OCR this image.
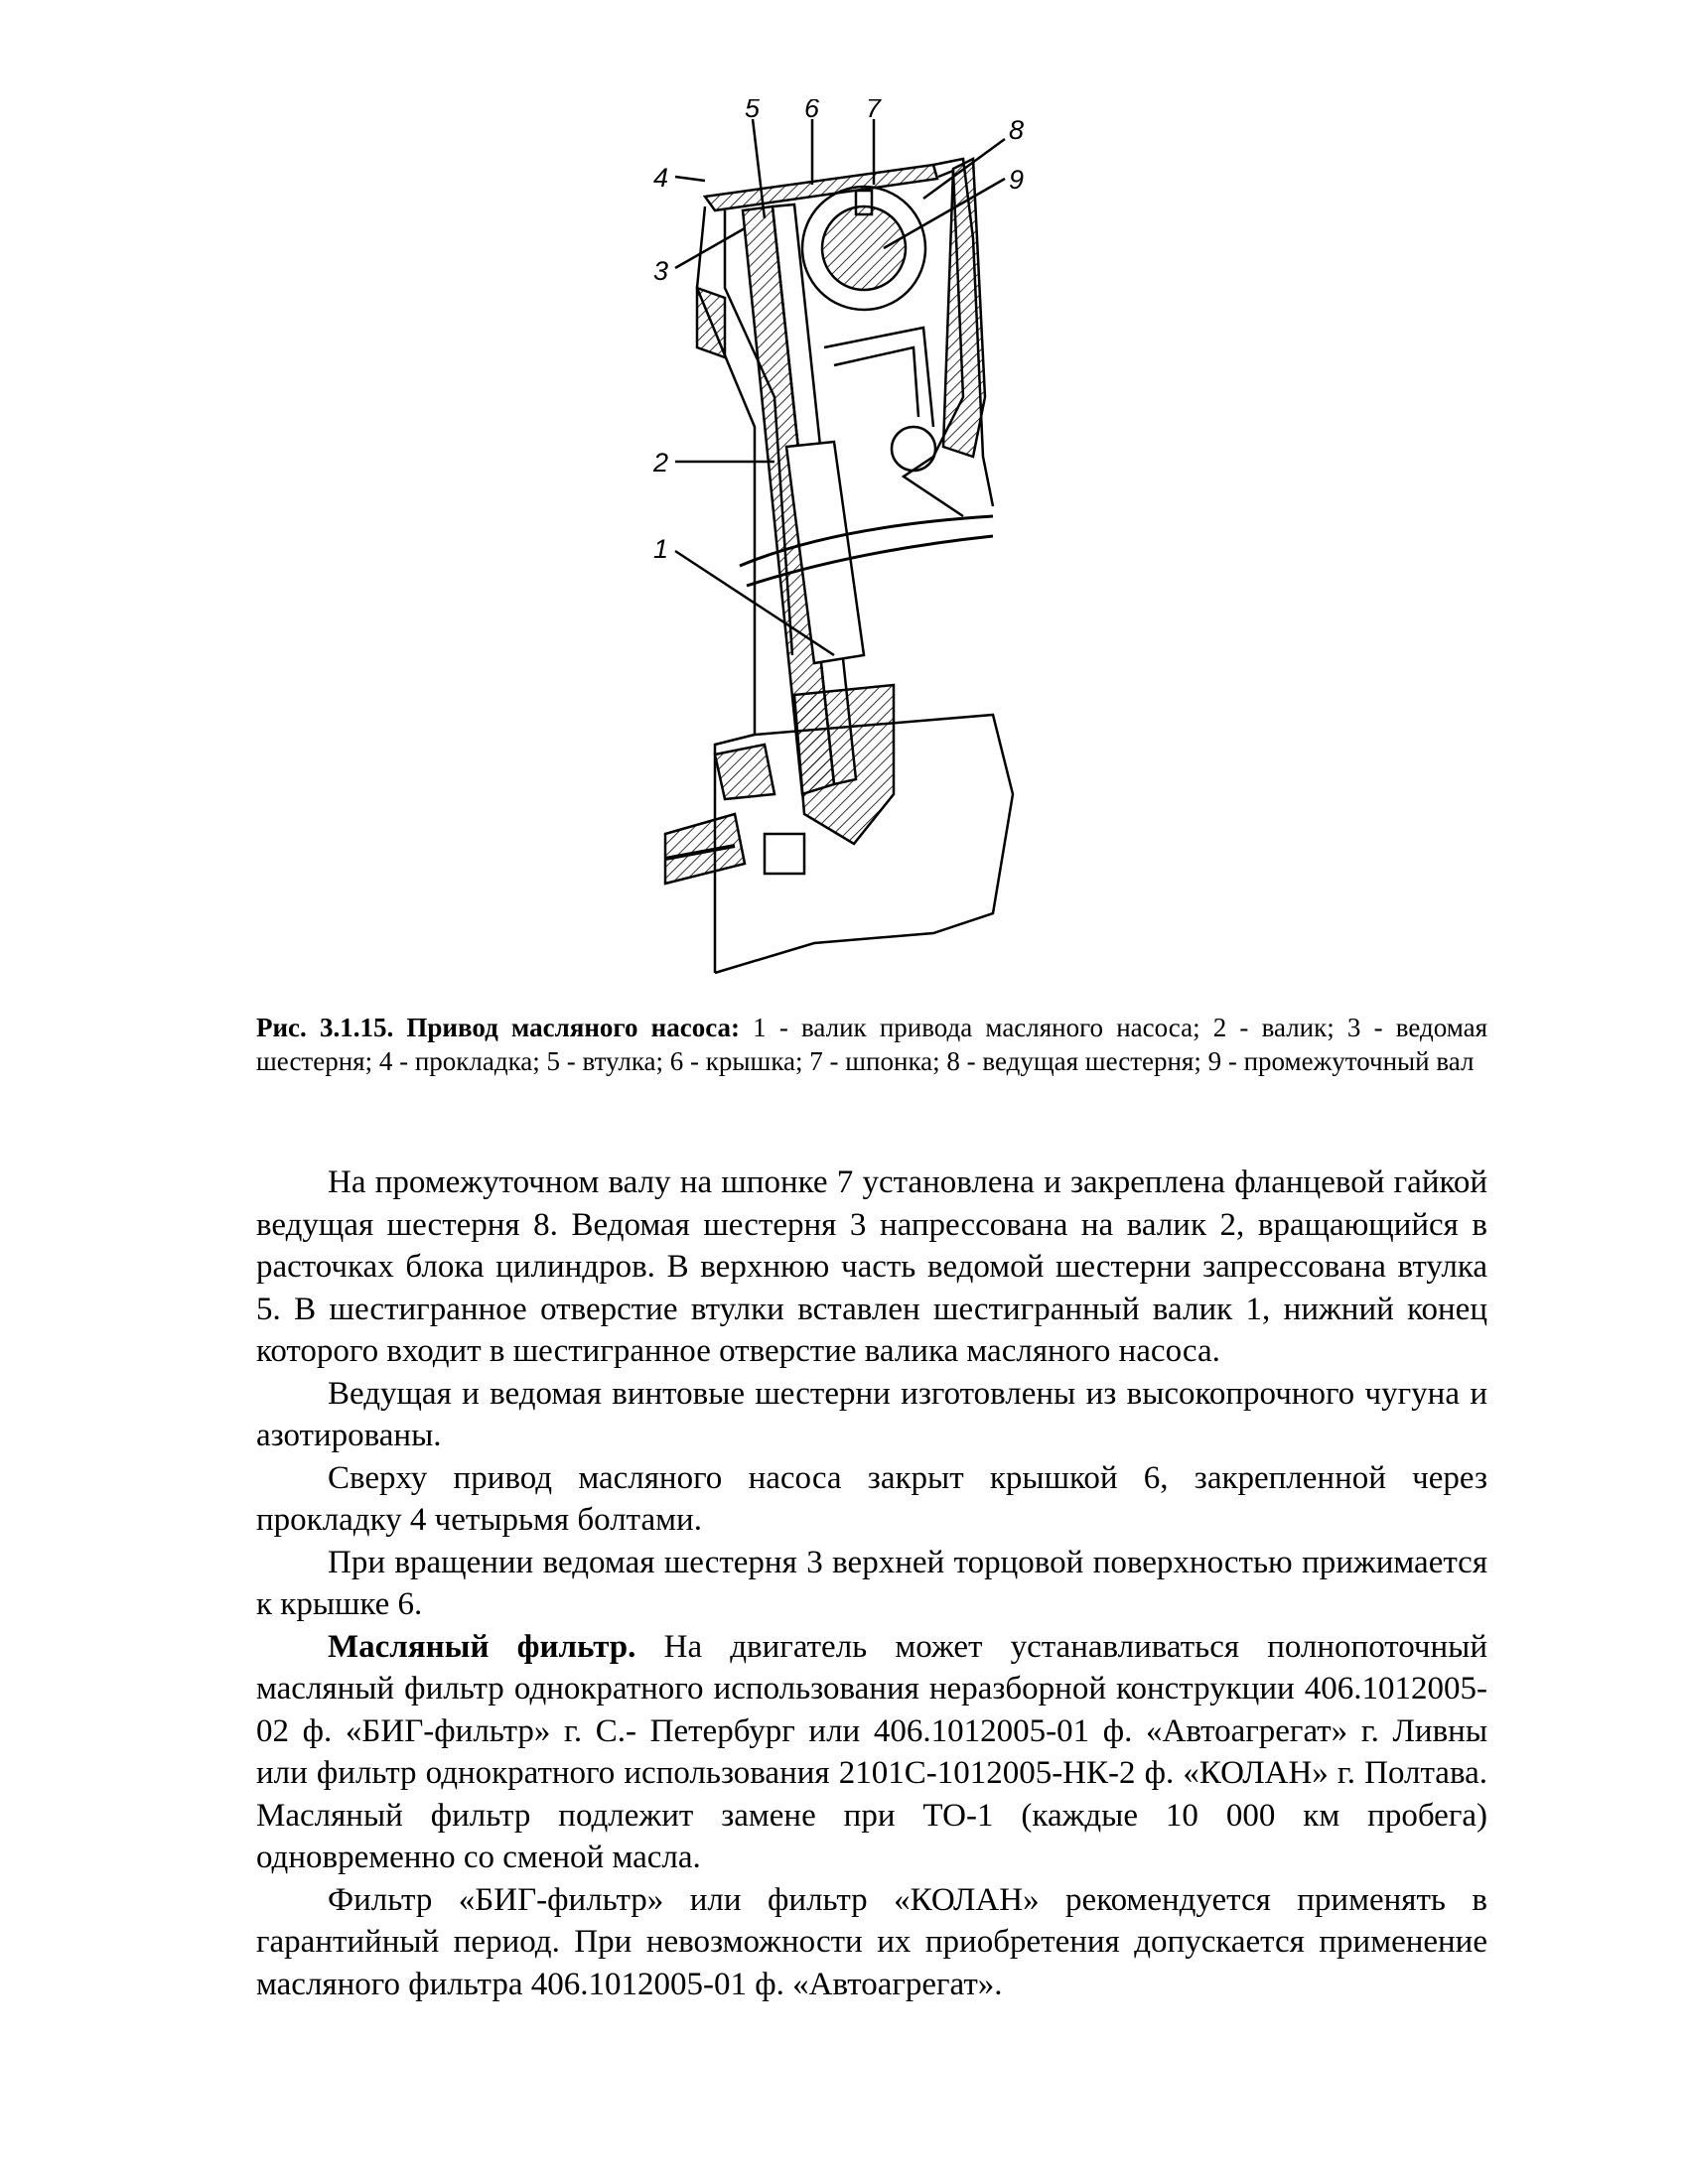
5 6 7
8
9
4
3
2
1
Рис. 3.1.15. Привод масляного насоса: 1 - валик привода масляного насоса; 2 - валик; 3 - ведомая шестерня; 4 - прокладка; 5 - втулка; 6 - крышка; 7 - шпонка; 8 - ведущая шестерня; 9 - промежуточный вал

На промежуточном валу на шпонке 7 установлена и закреплена фланцевой гайкой ведущая шестерня 8. Ведомая шестерня 3 напрессована на валик 2, вращающийся в расточках блока цилиндров. В верхнюю часть ведомой шестерни запрессована втулка 5. В шестигранное отверстие втулки вставлен шестигранный валик 1, нижний конец которого входит в шестигранное отверстие валика масляного насоса.

Ведущая и ведомая винтовые шестерни изготовлены из высокопрочного чугуна и азотированы.

Сверху привод масляного насоса закрыт крышкой 6, закрепленной через прокладку 4 четырьмя болтами.

При вращении ведомая шестерня 3 верхней торцовой поверхностью прижимается к крышке 6.

Масляный фильтр. На двигатель может устанавливаться полнопоточный масляный фильтр однократного использования неразборной конструкции 406.1012005-02 ф. «БИГ-фильтр» г. С.- Петербург или 406.1012005-01 ф. «Автоагрегат» г. Ливны или фильтр однократного использования 2101С-1012005-НК-2 ф. «КОЛАН» г. Полтава. Масляный фильтр подлежит замене при ТО-1 (каждые 10 000 км пробега) одновременно со сменой масла.

Фильтр «БИГ-фильтр» или фильтр «КОЛАН» рекомендуется применять в гарантийный период. При невозможности их приобретения допускается применение масляного фильтра 406.1012005-01 ф. «Автоагрегат».
